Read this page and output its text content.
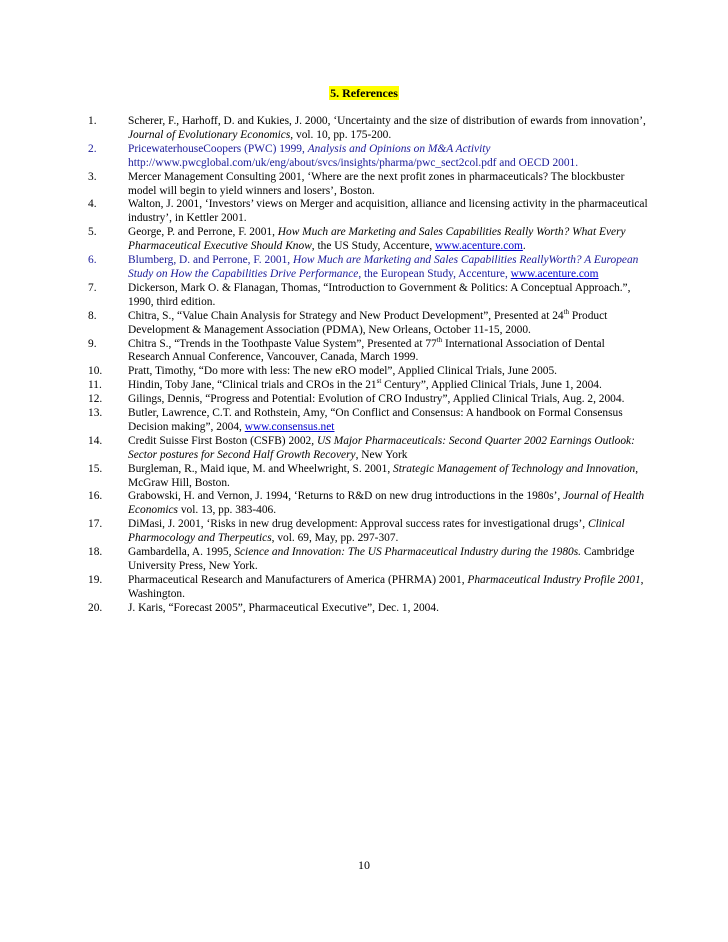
5. References
1.	Scherer, F., Harhoff, D. and Kukies, J. 2000, ‘Uncertainty and the size of distribution of ewards from innovation’, Journal of Evolutionary Economics, vol. 10, pp. 175-200.
2.	PricewaterhouseCoopers (PWC) 1999, Analysis and Opinions on M&A Activity http://www.pwcglobal.com/uk/eng/about/svcs/insights/pharma/pwc_sect2col.pdf and OECD 2001.
3.	Mercer Management Consulting 2001, ‘Where are the next profit zones in pharmaceuticals? The blockbuster model will begin to yield winners and losers’, Boston.
4.	Walton, J. 2001, ‘Investors’ views on Merger and acquisition, alliance and licensing activity in the pharmaceutical industry’, in Kettler 2001.
5.	George, P. and Perrone, F. 2001, How Much are Marketing and Sales Capabilities Really Worth? What Every Pharmaceutical Executive Should Know, the US Study, Accenture, www.acenture.com.
6.	Blumberg, D. and Perrone, F. 2001, How Much are Marketing and Sales Capabilities ReallyWorth? A European Study on How the Capabilities Drive Performance, the European Study, Accenture, www.acenture.com
7.	Dickerson, Mark O. & Flanagan, Thomas, “Introduction to Government & Politics: A Conceptual Approach.”, 1990, third edition.
8.	Chitra, S., “Value Chain Analysis for Strategy and New Product Development”, Presented at 24th Product Development & Management Association (PDMA), New Orleans, October 11-15, 2000.
9.	Chitra S., “Trends in the Toothpaste Value System”, Presented at 77th International Association of Dental Research Annual Conference, Vancouver, Canada, March 1999.
10.	Pratt, Timothy, “Do more with less: The new eRO model”, Applied Clinical Trials, June 2005.
11.	Hindin, Toby Jane, “Clinical trials and CROs in the 21st Century”, Applied Clinical Trials, June 1, 2004.
12.	Gilings, Dennis, “Progress and Potential: Evolution of CRO Industry”, Applied Clinical Trials, Aug. 2, 2004.
13.	Butler, Lawrence, C.T. and Rothstein, Amy, “On Conflict and Consensus: A handbook on Formal Consensus Decision making”, 2004, www.consensus.net
14.	Credit Suisse First Boston (CSFB) 2002, US Major Pharmaceuticals: Second Quarter 2002 Earnings Outlook: Sector postures for Second Half Growth Recovery, New York
15.	Burgleman, R., Maid ique, M. and Wheelwright, S. 2001, Strategic Management of Technology and Innovation, McGraw Hill, Boston.
16.	Grabowski, H. and Vernon, J. 1994, ‘Returns to R&D on new drug introductions in the 1980s’, Journal of Health Economics vol. 13, pp. 383-406.
17.	DiMasi, J. 2001, ‘Risks in new drug development: Approval success rates for investigational drugs’, Clinical Pharmocology and Therpeutics, vol. 69, May, pp. 297-307.
18.	Gambardella, A. 1995, Science and Innovation: The US Pharmaceutical Industry during the 1980s. Cambridge University Press, New York.
19.	Pharmaceutical Research and Manufacturers of America (PHRMA) 2001, Pharmaceutical Industry Profile 2001, Washington.
20.	J. Karis, “Forecast 2005”, Pharmaceutical Executive”, Dec. 1, 2004.
10
